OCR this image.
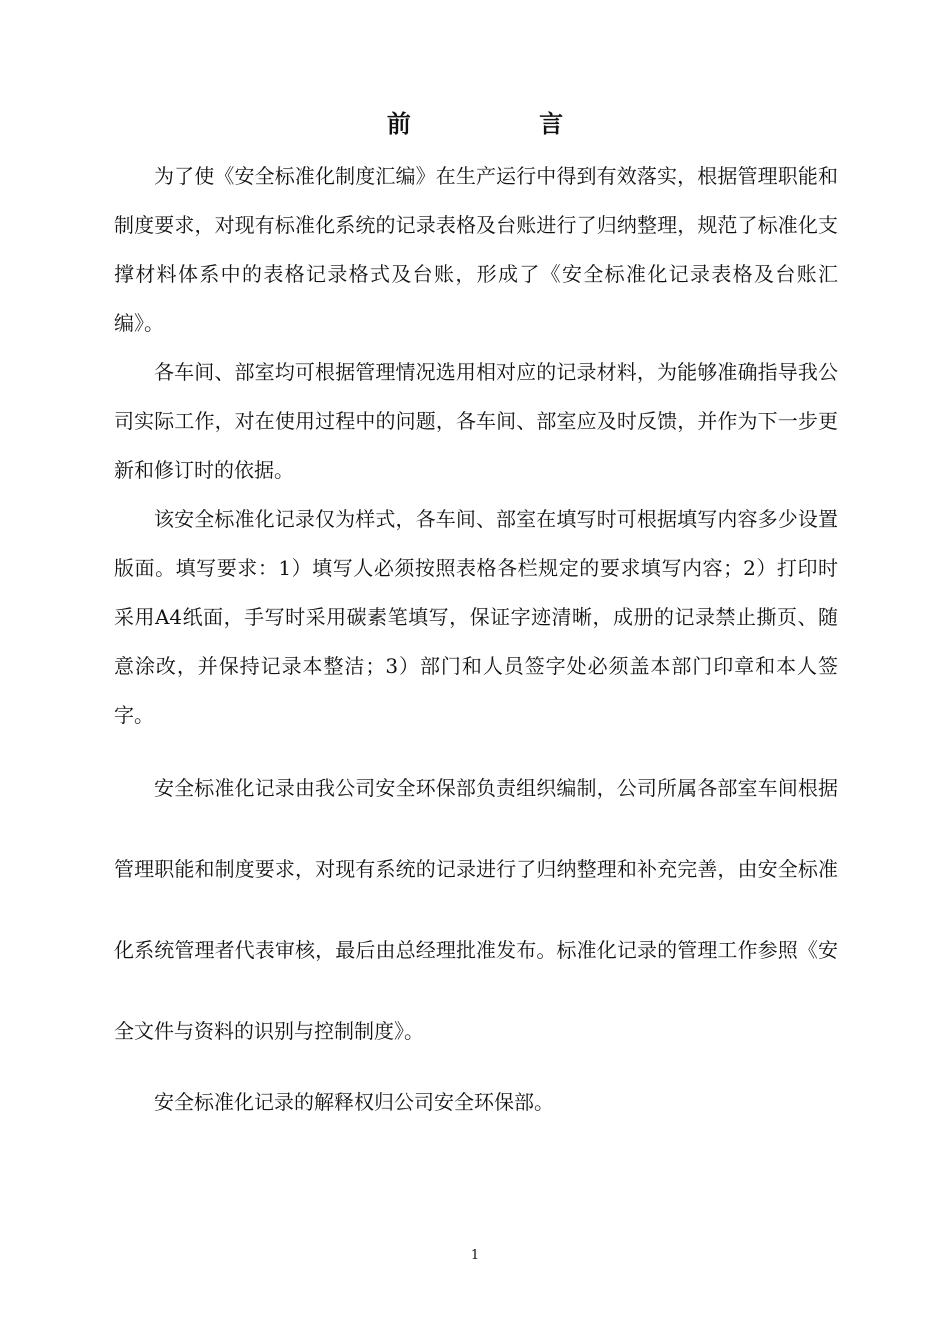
前 言

为了使《安全标准化制度汇编》在生产运行中得到有效落实，根据管理职能和制度要求，对现有标准化系统的记录表格及台账进行了归纳整理，规范了标准化支撑材料体系中的表格记录格式及台账，形成了《安全标准化记录表格及台账汇编》。

各车间、部室均可根据管理情况选用相对应的记录材料，为能够准确指导我公司实际工作，对在使用过程中的问题，各车间、部室应及时反馈，并作为下一步更新和修订时的依据。

该安全标准化记录仅为样式，各车间、部室在填写时可根据填写内容多少设置版面。填写要求：1）填写人必须按照表格各栏规定的要求填写内容；2）打印时采用A4纸面，手写时采用碳素笔填写，保证字迹清晰，成册的记录禁止撕页、随意涂改，并保持记录本整洁；3）部门和人员签字处必须盖本部门印章和本人签字。

安全标准化记录由我公司安全环保部负责组织编制，公司所属各部室车间根据管理职能和制度要求，对现有系统的记录进行了归纳整理和补充完善，由安全标准化系统管理者代表审核，最后由总经理批准发布。标准化记录的管理工作参照《安全文件与资料的识别与控制制度》。

安全标准化记录的解释权归公司安全环保部。

1
